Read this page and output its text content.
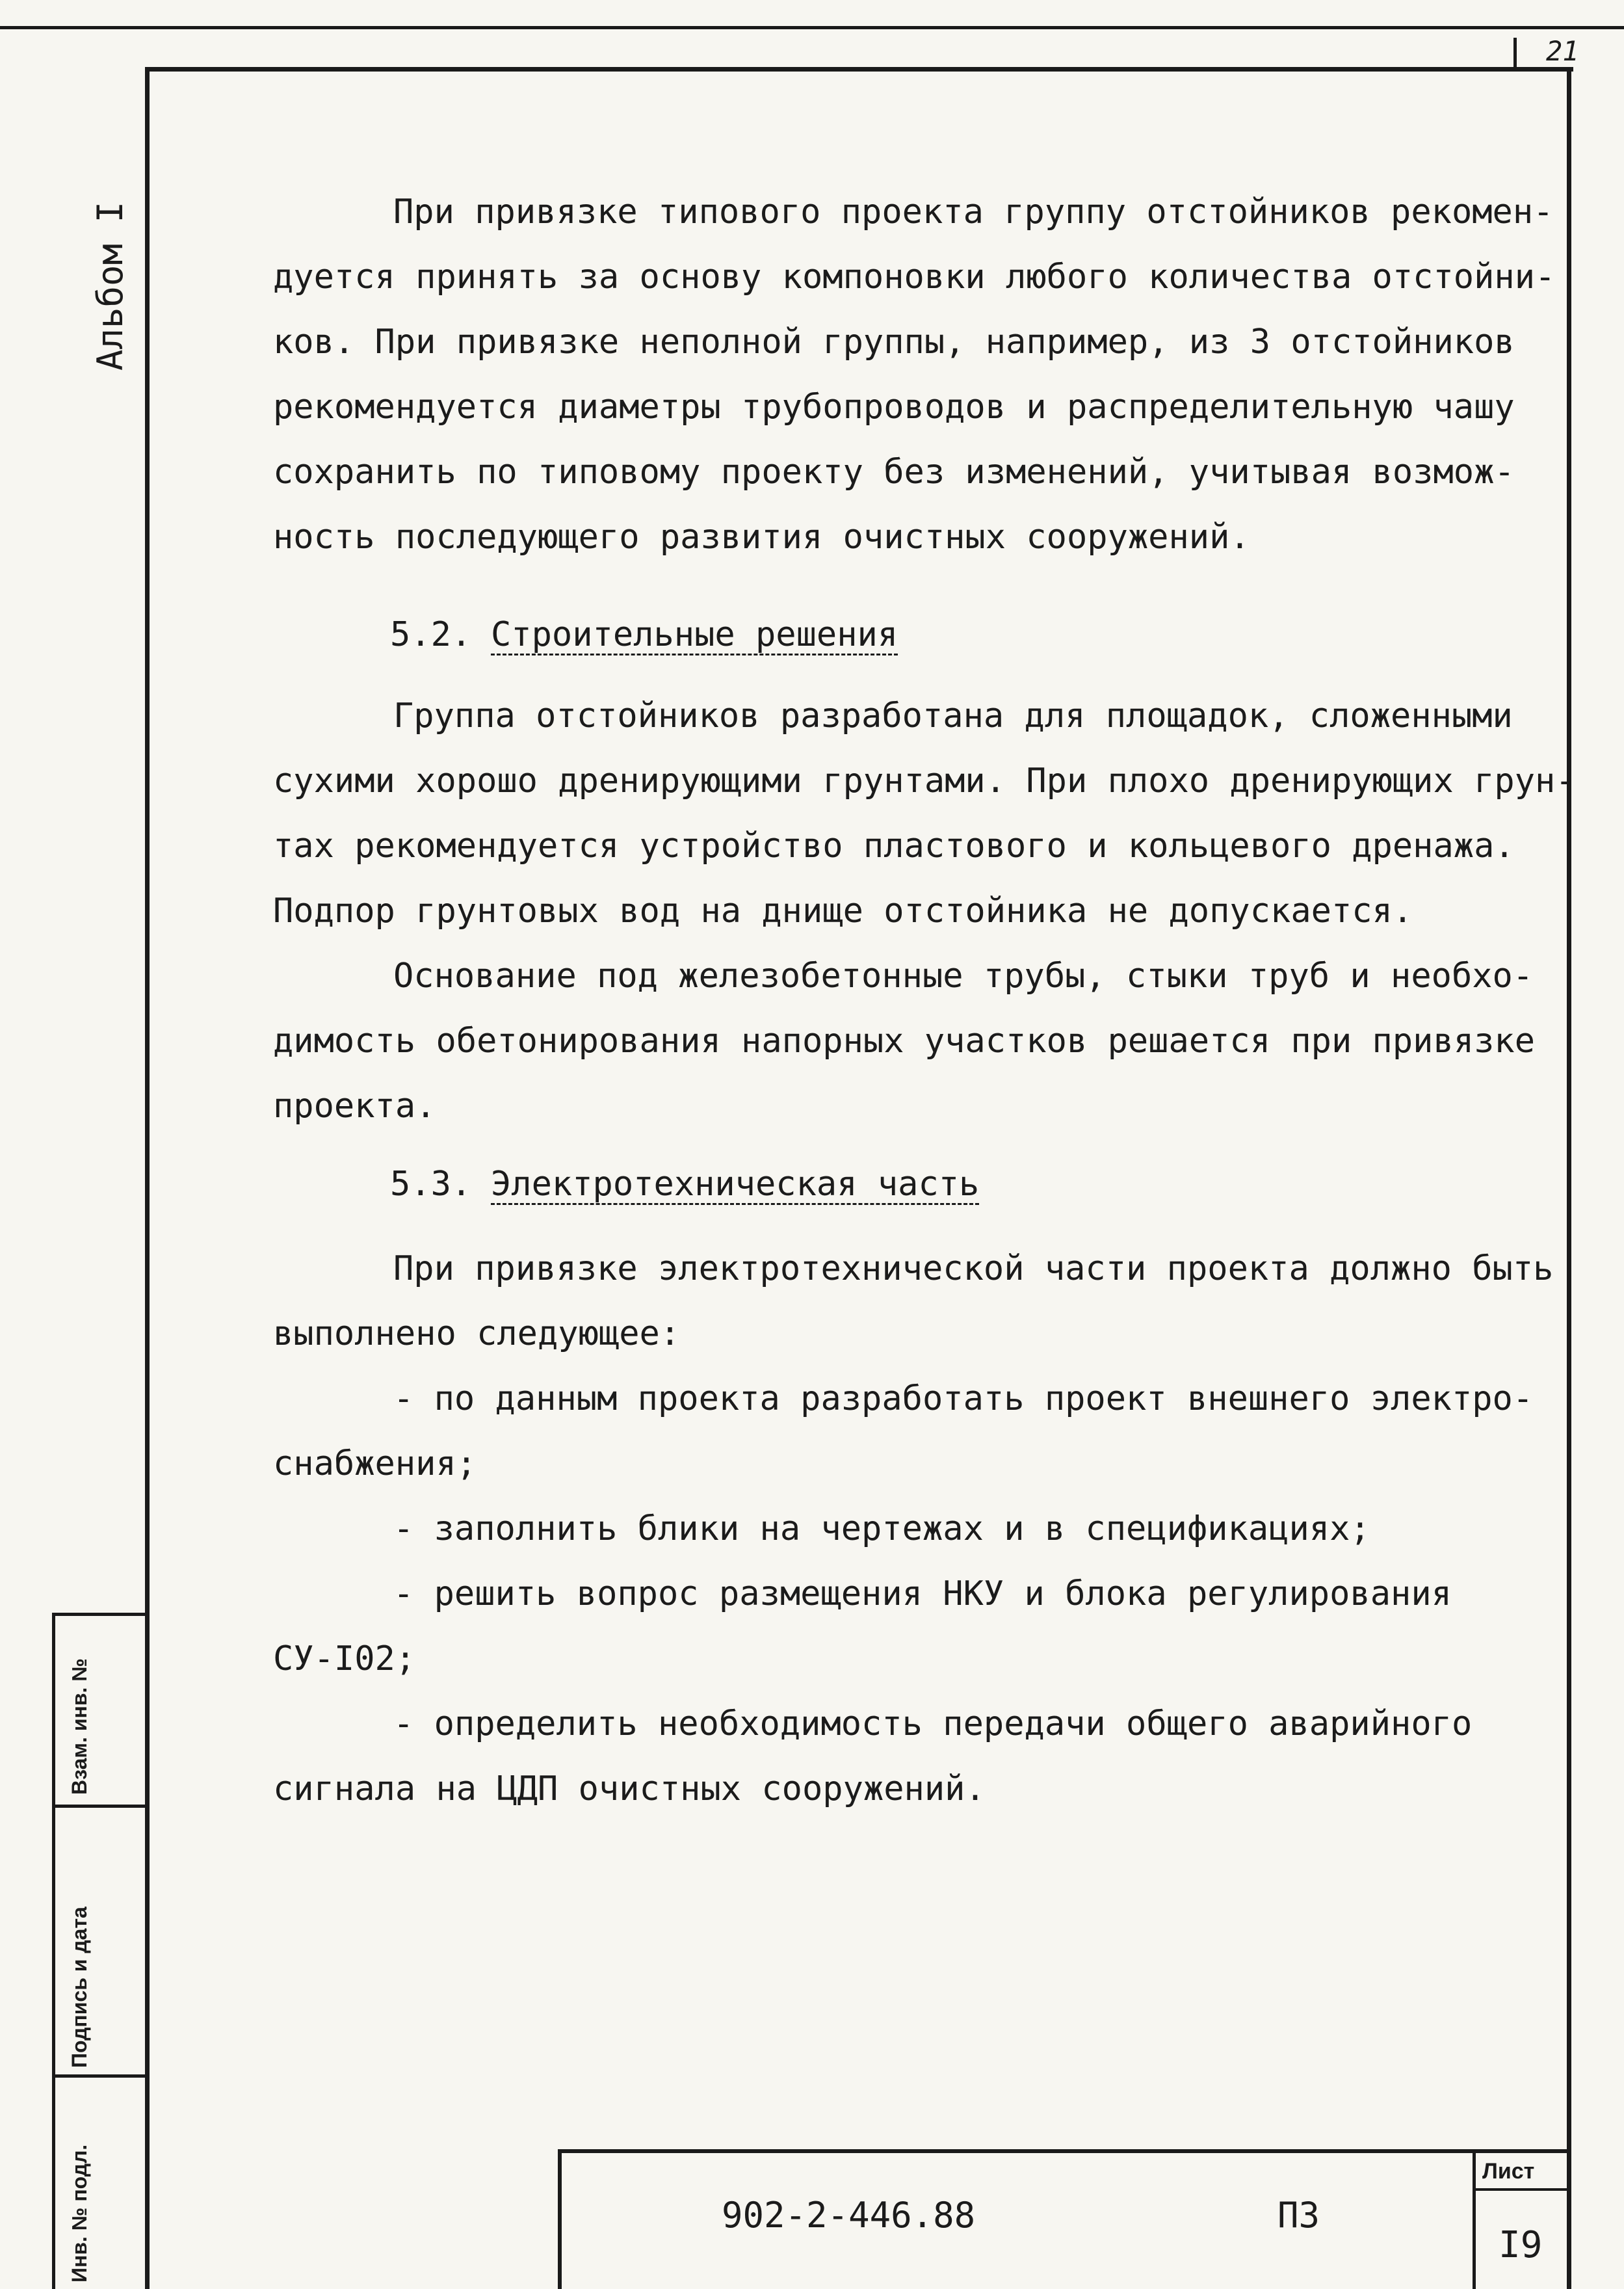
21
Альбом I	При привязке типового проекта группу отстойников рекомен-
дуется принять за основу компоновки любого количества отстойни-
ков. При привязке неполной группы, например, из 3 отстойников
рекомендуется диаметры трубопроводов и распределительную чашу
сохранить по типовому проекту без изменений, учитывая возмож-
ность последующего развития очистных сооружений.
5.2. Строительные решения
Группа отстойников разработана для площадок, сложенными
сухими хорошо дренирующими грунтами. При плохо дренирующих грун-
тах рекомендуется устройство пластового и кольцевого дренажа.
Подпор грунтовых вод на днище отстойника не допускается.
Основание под железобетонные трубы, стыки труб и необхо-
димость обетонирования напорных участков решается при привязке
проекта.
5.3. Электротехническая часть
При привязке электротехнической части проекта должно быть
выполнено следующее:
- по данным проекта разработать проект внешнего электро-
снабжения;
- заполнить блики на чертежах и в спецификациях;
- решить вопрос размещения НКУ и блока регулирования
СУ-I02;
- определить необходимость передачи общего аварийного
сигнала на ЦДП очистных сооружений.
Взам. инв. №
Подпись и дата
Инв. № подл.	902-2-446.88	ПЗ
Лист
I9
